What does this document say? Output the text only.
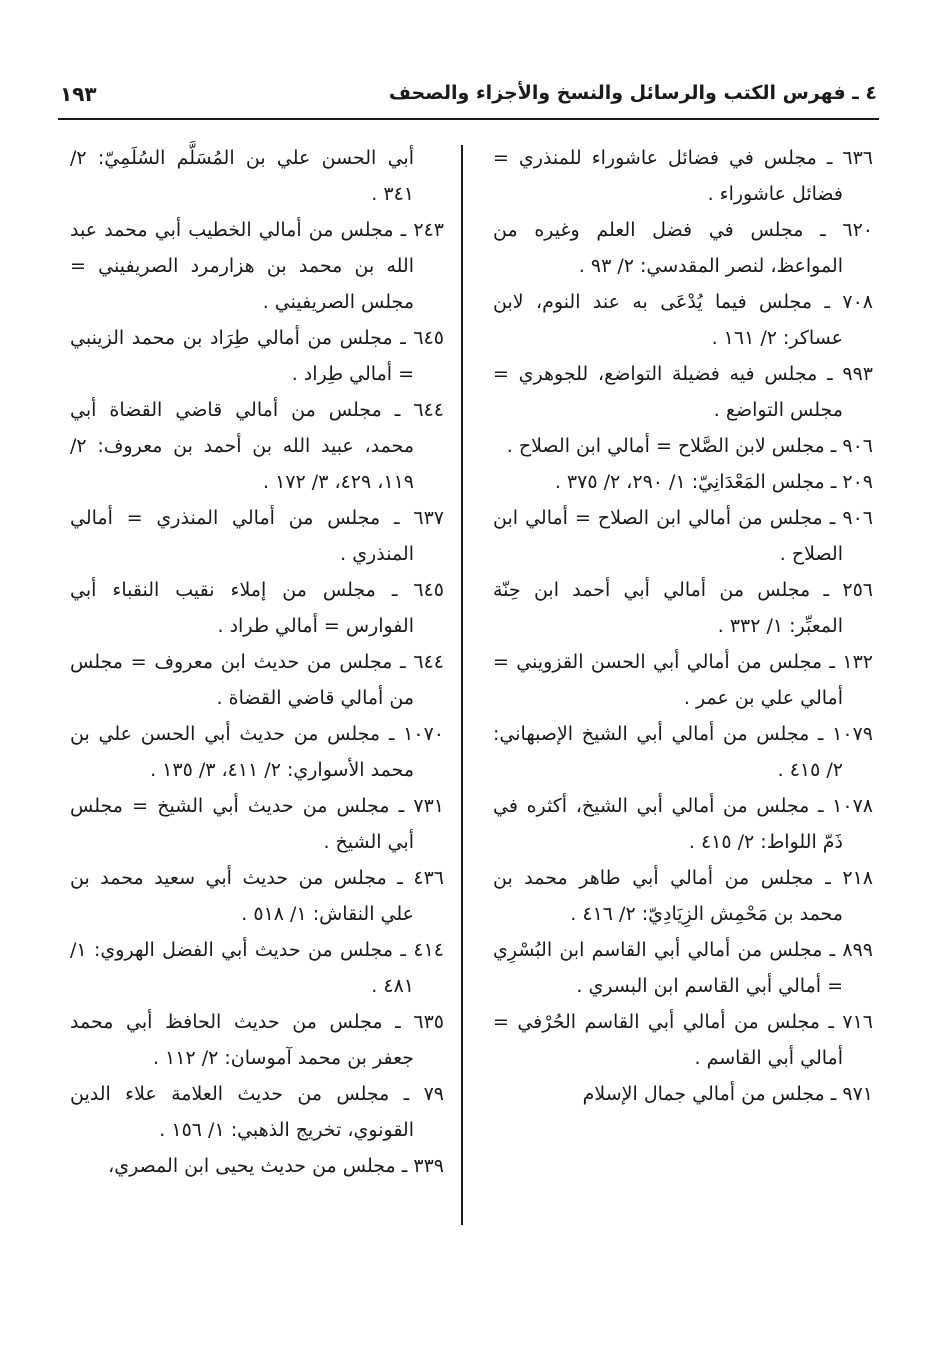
٤ ـ فهرس الكتب والرسائل والنسخ والأجزاء والصحف
١٩٣

٦٣٦ ـ مجلس في فضائل عاشوراء للمنذري = فضائل عاشوراء .

٦٢٠ ـ مجلس في فضل العلم وغيره من المواعظ، لنصر المقدسي: ٢/ ٩٣ .

٧٠٨ ـ مجلس فيما يُدْعَى به عند النوم، لابن عساكر: ٢/ ١٦١ .

٩٩٣ ـ مجلس فيه فضيلة التواضع، للجوهري = مجلس التواضع .

٩٠٦ ـ مجلس لابن الصَّلاح = أمالي ابن الصلاح .

٢٠٩ ـ مجلس المَعْدَانِيّ: ١/ ٢٩٠، ٢/ ٣٧٥ .

٩٠٦ ـ مجلس من أمالي ابن الصلاح = أمالي ابن الصلاح .

٢٥٦ ـ مجلس من أمالي أبي أحمد ابن حِنّة المعبِّر: ١/ ٣٣٢ .

١٣٢ ـ مجلس من أمالي أبي الحسن القزويني = أمالي علي بن عمر .

١٠٧٩ ـ مجلس من أمالي أبي الشيخ الإصبهاني: ٢/ ٤١٥ .

١٠٧٨ ـ مجلس من أمالي أبي الشيخ، أكثره في ذَمّ اللواط: ٢/ ٤١٥ .

٢١٨ ـ مجلس من أمالي أبي طاهر محمد بن محمد بن مَحْمِش الزِيَادِيّ: ٢/ ٤١٦ .

٨٩٩ ـ مجلس من أمالي أبي القاسم ابن البُسْرِي = أمالي أبي القاسم ابن البسري .

٧١٦ ـ مجلس من أمالي أبي القاسم الحُرْفي = أمالي أبي القاسم .

٩٧١ ـ مجلس من أمالي جمال الإسلام

أبي الحسن علي بن المُسَلَّم السُلَمِيّ: ٢/ ٣٤١ .

٢٤٣ ـ مجلس من أمالي الخطيب أبي محمد عبد الله بن محمد بن هزارمرد الصريفيني = مجلس الصريفيني .

٦٤٥ ـ مجلس من أمالي طِرَاد بن محمد الزينبي = أمالي طِراد .

٦٤٤ ـ مجلس من أمالي قاضي القضاة أبي محمد، عبيد الله بن أحمد بن معروف: ٢/ ١١٩، ٤٢٩، ٣/ ١٧٢ .

٦٣٧ ـ مجلس من أمالي المنذري = أمالي المنذري .

٦٤٥ ـ مجلس من إملاء نقيب النقباء أبي الفوارس = أمالي طراد .

٦٤٤ ـ مجلس من حديث ابن معروف = مجلس من أمالي قاضي القضاة .

١٠٧٠ ـ مجلس من حديث أبي الحسن علي بن محمد الأسواري: ٢/ ٤١١، ٣/ ١٣٥ .

٧٣١ ـ مجلس من حديث أبي الشيخ = مجلس أبي الشيخ .

٤٣٦ ـ مجلس من حديث أبي سعيد محمد بن علي النقاش: ١/ ٥١٨ .

٤١٤ ـ مجلس من حديث أبي الفضل الهروي: ١/ ٤٨١ .

٦٣٥ ـ مجلس من حديث الحافظ أبي محمد جعفر بن محمد آموسان: ٢/ ١١٢ .

٧٩ ـ مجلس من حديث العلامة علاء الدين القونوي، تخريج الذهبي: ١/ ١٥٦ .

٣٣٩ ـ مجلس من حديث يحيى ابن المصري،
